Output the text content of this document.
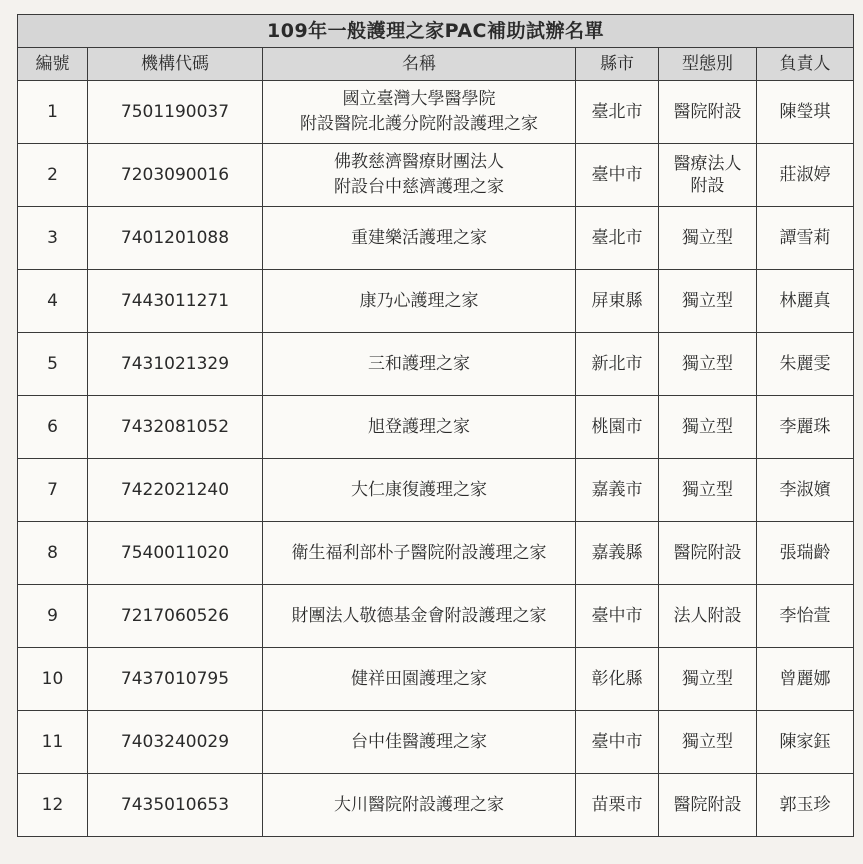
109年一般護理之家PAC補助試辦名單					
編號	機構代碼	名稱	縣市	型態別	負責人
1	7501190037	國立臺灣大學醫學院
附設醫院北護分院附設護理之家	臺北市	醫院附設	陳瑩琪
2	7203090016	佛教慈濟醫療財團法人
附設台中慈濟護理之家	臺中市	醫療法人
附設	莊淑婷
3	7401201088	重建樂活護理之家	臺北市	獨立型	譚雪莉
4	7443011271	康乃心護理之家	屏東縣	獨立型	林麗真
5	7431021329	三和護理之家	新北市	獨立型	朱麗雯
6	7432081052	旭登護理之家	桃園市	獨立型	李麗珠
7	7422021240	大仁康復護理之家	嘉義市	獨立型	李淑嬪
8	7540011020	衛生福利部朴子醫院附設護理之家	嘉義縣	醫院附設	張瑞齡
9	7217060526	財團法人敬德基金會附設護理之家	臺中市	法人附設	李怡萱
10	7437010795	健祥田園護理之家	彰化縣	獨立型	曾麗娜
11	7403240029	台中佳醫護理之家	臺中市	獨立型	陳家鈺
12	7435010653	大川醫院附設護理之家	苗栗市	醫院附設	郭玉珍
